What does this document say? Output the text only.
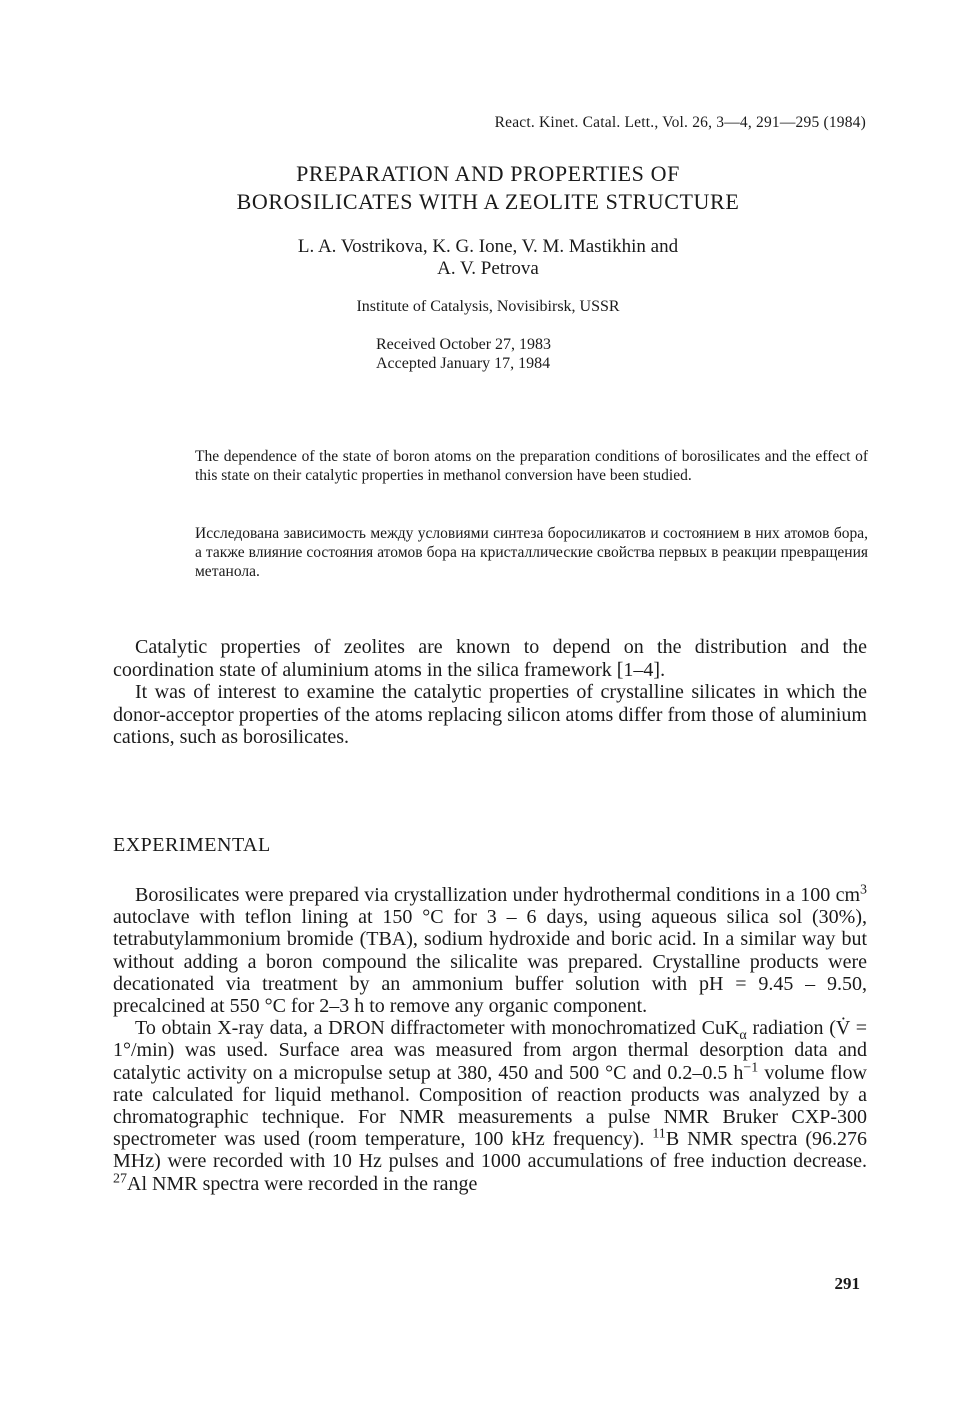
React. Kinet. Catal. Lett., Vol. 26, 3—4, 291—295 (1984)
PREPARATION AND PROPERTIES OF
BOROSILICATES WITH A ZEOLITE STRUCTURE
L. A. Vostrikova, K. G. Ione, V. M. Mastikhin and
A. V. Petrova
Institute of Catalysis, Novisibirsk, USSR
Received October 27, 1983
Accepted January 17, 1984
The dependence of the state of boron atoms on the preparation conditions of borosilicates and the effect of this state on their catalytic properties in methanol conversion have been studied.
Исследована зависимость между условиями синтеза боросиликатов и состоянием в них атомов бора, а также влияние состояния атомов бора на кристаллические свойства первых в реакции превращения метанола.

Catalytic properties of zeolites are known to depend on the distribution and the coordination state of aluminium atoms in the silica framework [1–4].

It was of interest to examine the catalytic properties of crystalline silicates in which the donor-acceptor properties of the atoms replacing silicon atoms differ from those of aluminium cations, such as borosilicates.

EXPERIMENTAL

Borosilicates were prepared via crystallization under hydrothermal conditions in a 100 $cm^3$ autoclave with teflon lining at 150 °C for 3 – 6 days, using aqueous silica sol (30%), tetrabutylammonium bromide (TBA), sodium hydroxide and boric acid. In a similar way but without adding a boron compound the silicalite was prepared. Crystalline products were decationated via treatment by an ammonium buffer solution with pH = 9.45 – 9.50, precalcined at 550 °C for 2–3 h to remove any organic component.

To obtain X-ray data, a DRON diffractometer with monochromatized CuK$_\alpha$ radiation (V̇ = 1°/min) was used. Surface area was measured from argon thermal desorption data and catalytic activity on a micropulse setup at 380, 450 and 500 °C and 0.2–0.5 $h^{-1}$ volume flow rate calculated for liquid methanol. Composition of reaction products was analyzed by a chromatographic technique. For NMR measurements a pulse NMR Bruker CXP-300 spectrometer was used (room temperature, 100 kHz frequency). $^{11}$B NMR spectra (96.276 MHz) were recorded with 10 Hz pulses and 1000 accumulations of free induction decrease. $^{27}$Al NMR spectra were recorded in the range

291
